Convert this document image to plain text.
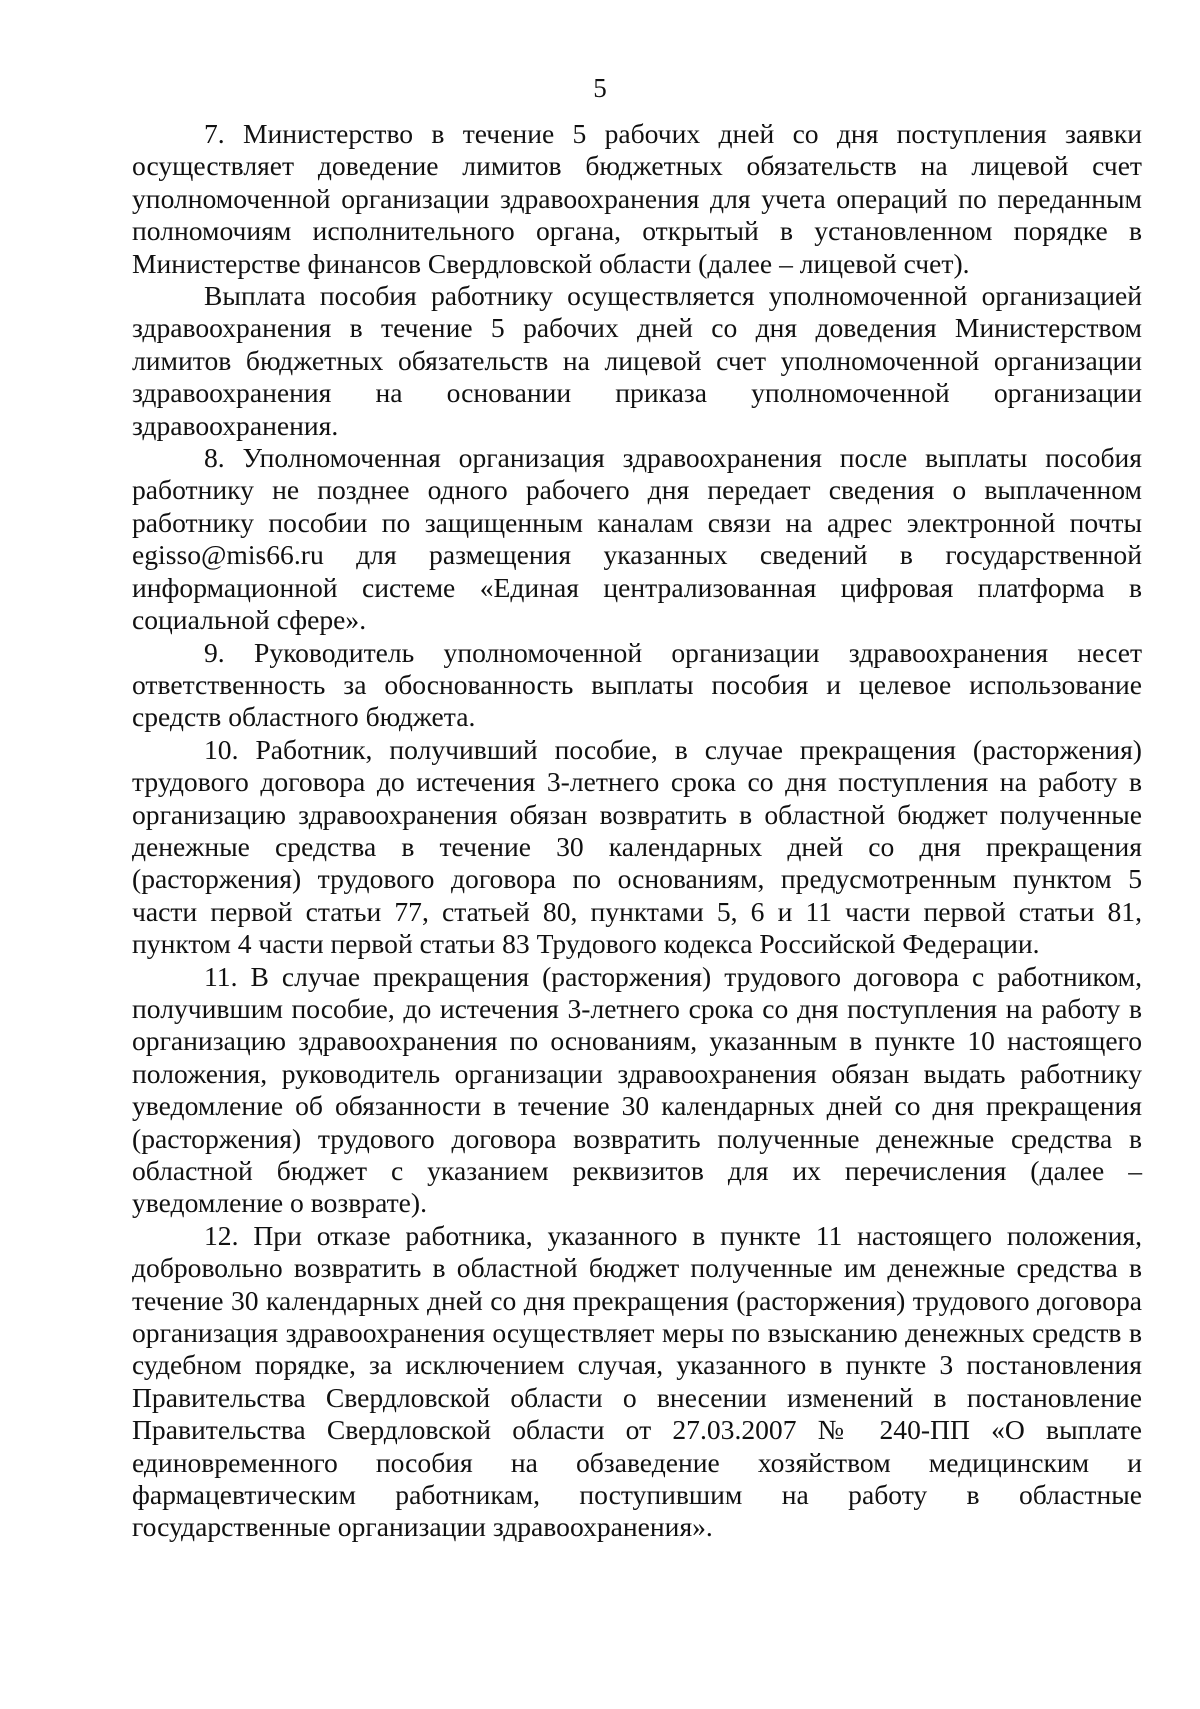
5

7. Министерство в течение 5 рабочих дней со дня поступления заявки осуществляет доведение лимитов бюджетных обязательств на лицевой счет уполномоченной организации здравоохранения для учета операций по переданным полномочиям исполнительного органа, открытый в установленном порядке в Министерстве финансов Свердловской области (далее – лицевой счет).

Выплата пособия работнику осуществляется уполномоченной организацией здравоохранения в течение 5 рабочих дней со дня доведения Министерством лимитов бюджетных обязательств на лицевой счет уполномоченной организации здравоохранения на основании приказа уполномоченной организации здравоохранения.

8. Уполномоченная организация здравоохранения после выплаты пособия работнику не позднее одного рабочего дня передает сведения о выплаченном работнику пособии по защищенным каналам связи на адрес электронной почты egisso@mis66.ru для размещения указанных сведений в государственной информационной системе «Единая централизованная цифровая платформа в социальной сфере».

9. Руководитель уполномоченной организации здравоохранения несет ответственность за обоснованность выплаты пособия и целевое использование средств областного бюджета.

10. Работник, получивший пособие, в случае прекращения (расторжения) трудового договора до истечения 3-летнего срока со дня поступления на работу в организацию здравоохранения обязан возвратить в областной бюджет полученные денежные средства в течение 30 календарных дней со дня прекращения (расторжения) трудового договора по основаниям, предусмотренным пунктом 5 части первой статьи 77, статьей 80, пунктами 5, 6 и 11 части первой статьи 81, пунктом 4 части первой статьи 83 Трудового кодекса Российской Федерации.

11. В случае прекращения (расторжения) трудового договора с работником, получившим пособие, до истечения 3-летнего срока со дня поступления на работу в организацию здравоохранения по основаниям, указанным в пункте 10 настоящего положения, руководитель организации здравоохранения обязан выдать работнику уведомление об обязанности в течение 30 календарных дней со дня прекращения (расторжения) трудового договора возвратить полученные денежные средства в областной бюджет с указанием реквизитов для их перечисления (далее – уведомление о возврате).

12. При отказе работника, указанного в пункте 11 настоящего положения, добровольно возвратить в областной бюджет полученные им денежные средства в течение 30 календарных дней со дня прекращения (расторжения) трудового договора организация здравоохранения осуществляет меры по взысканию денежных средств в судебном порядке, за исключением случая, указанного в пункте 3 постановления Правительства Свердловской области о внесении изменений в постановление Правительства Свердловской области от 27.03.2007 № 240-ПП «О выплате единовременного пособия на обзаведение хозяйством медицинским и фармацевтическим работникам, поступившим на работу в областные государственные организации здравоохранения».
